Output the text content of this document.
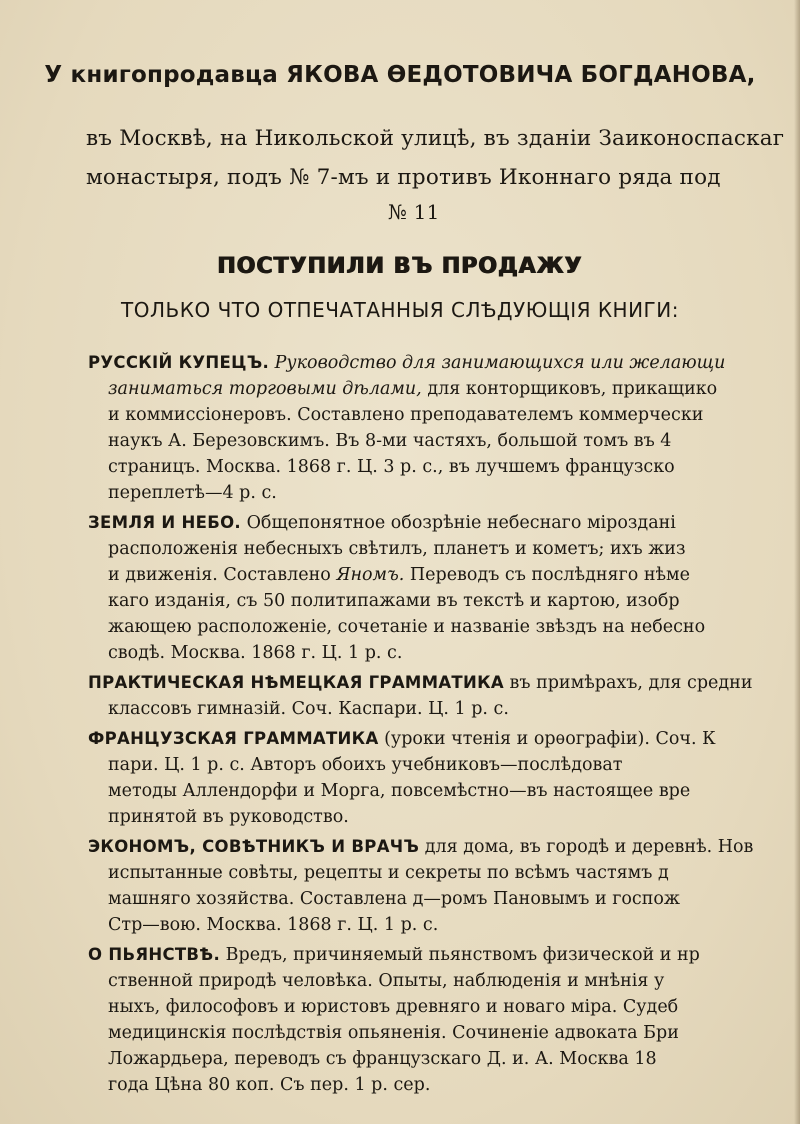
У книгопродавца ЯКОВА ѲЕДОТОВИЧА БОГДАНОВА,
въ Москвѣ, на Никольской улицѣ, въ зданіи Заиконоспаскаг
монастыря, подъ № 7-мъ и противъ Иконнаго ряда под
№ 11
ПОСТУПИЛИ ВЪ ПРОДАЖУ
ТОЛЬКО ЧТО ОТПЕЧАТАННЫЯ СЛѢДУЮЩІЯ КНИГИ:
РУССКІЙ КУПЕЦЪ. Руководство для занимающихся или желающи
заниматься торговыми дѣлами, для конторщиковъ, прикащико
и коммиссіонеровъ. Составлено преподавателемъ коммерчески
наукъ А. Березовскимъ. Въ 8-ми частяхъ, большой томъ въ 4
страницъ. Москва. 1868 г. Ц. 3 р. с., въ лучшемъ французско
переплетѣ—4 р. с.
ЗЕМЛЯ И НЕБО. Общепонятное обозрѣніе небеснаго мірозданi
расположенія небесныхъ свѣтилъ, планетъ и кометъ; ихъ жиз
и движенія. Составлено Яномъ. Переводъ съ послѣдняго нѣме
каго изданія, съ 50 политипажами въ текстѣ и картою, изобр
жающею расположеніе, сочетаніе и названіе звѣздъ на небесно
сводѣ. Москва. 1868 г. Ц. 1 р. с.
ПРАКТИЧЕСКАЯ НѢМЕЦКАЯ ГРАММАТИКА въ примѣрахъ, для средни
классовъ гимназій. Соч. Каспари. Ц. 1 р. с.
ФРАНЦУЗСКАЯ ГРАММАТИКА (уроки чтенія и орѳографіи). Соч. К
пари. Ц. 1 р. с. Авторъ обоихъ учебниковъ—послѣдоват
методы Аллендорфи и Морга, повсемѣстно—въ настоящее вре
принятой въ руководство.
ЭКОНОМЪ, СОВѢТНИКЪ И ВРАЧЪ для дома, въ городѣ и деревнѣ. Нов
испытанные совѣты, рецепты и секреты по всѣмъ частямъ д
машняго хозяйства. Составлена д—ромъ Пановымъ и госпож
Стр—вою. Москва. 1868 г. Ц. 1 р. с.
О ПЬЯНСТВѢ. Вредъ, причиняемый пьянствомъ физической и нр
ственной природѣ человѣка. Опыты, наблюденія и мнѣнія у
ныхъ, философовъ и юристовъ древняго и новаго міра. Судеб
медицинскія послѣдствія опьяненія. Сочиненіе адвоката Бри
Ложардьера, переводъ съ французскаго Д. и. А. Москва 18
года Цѣна 80 коп. Съ пер. 1 р. сер.
